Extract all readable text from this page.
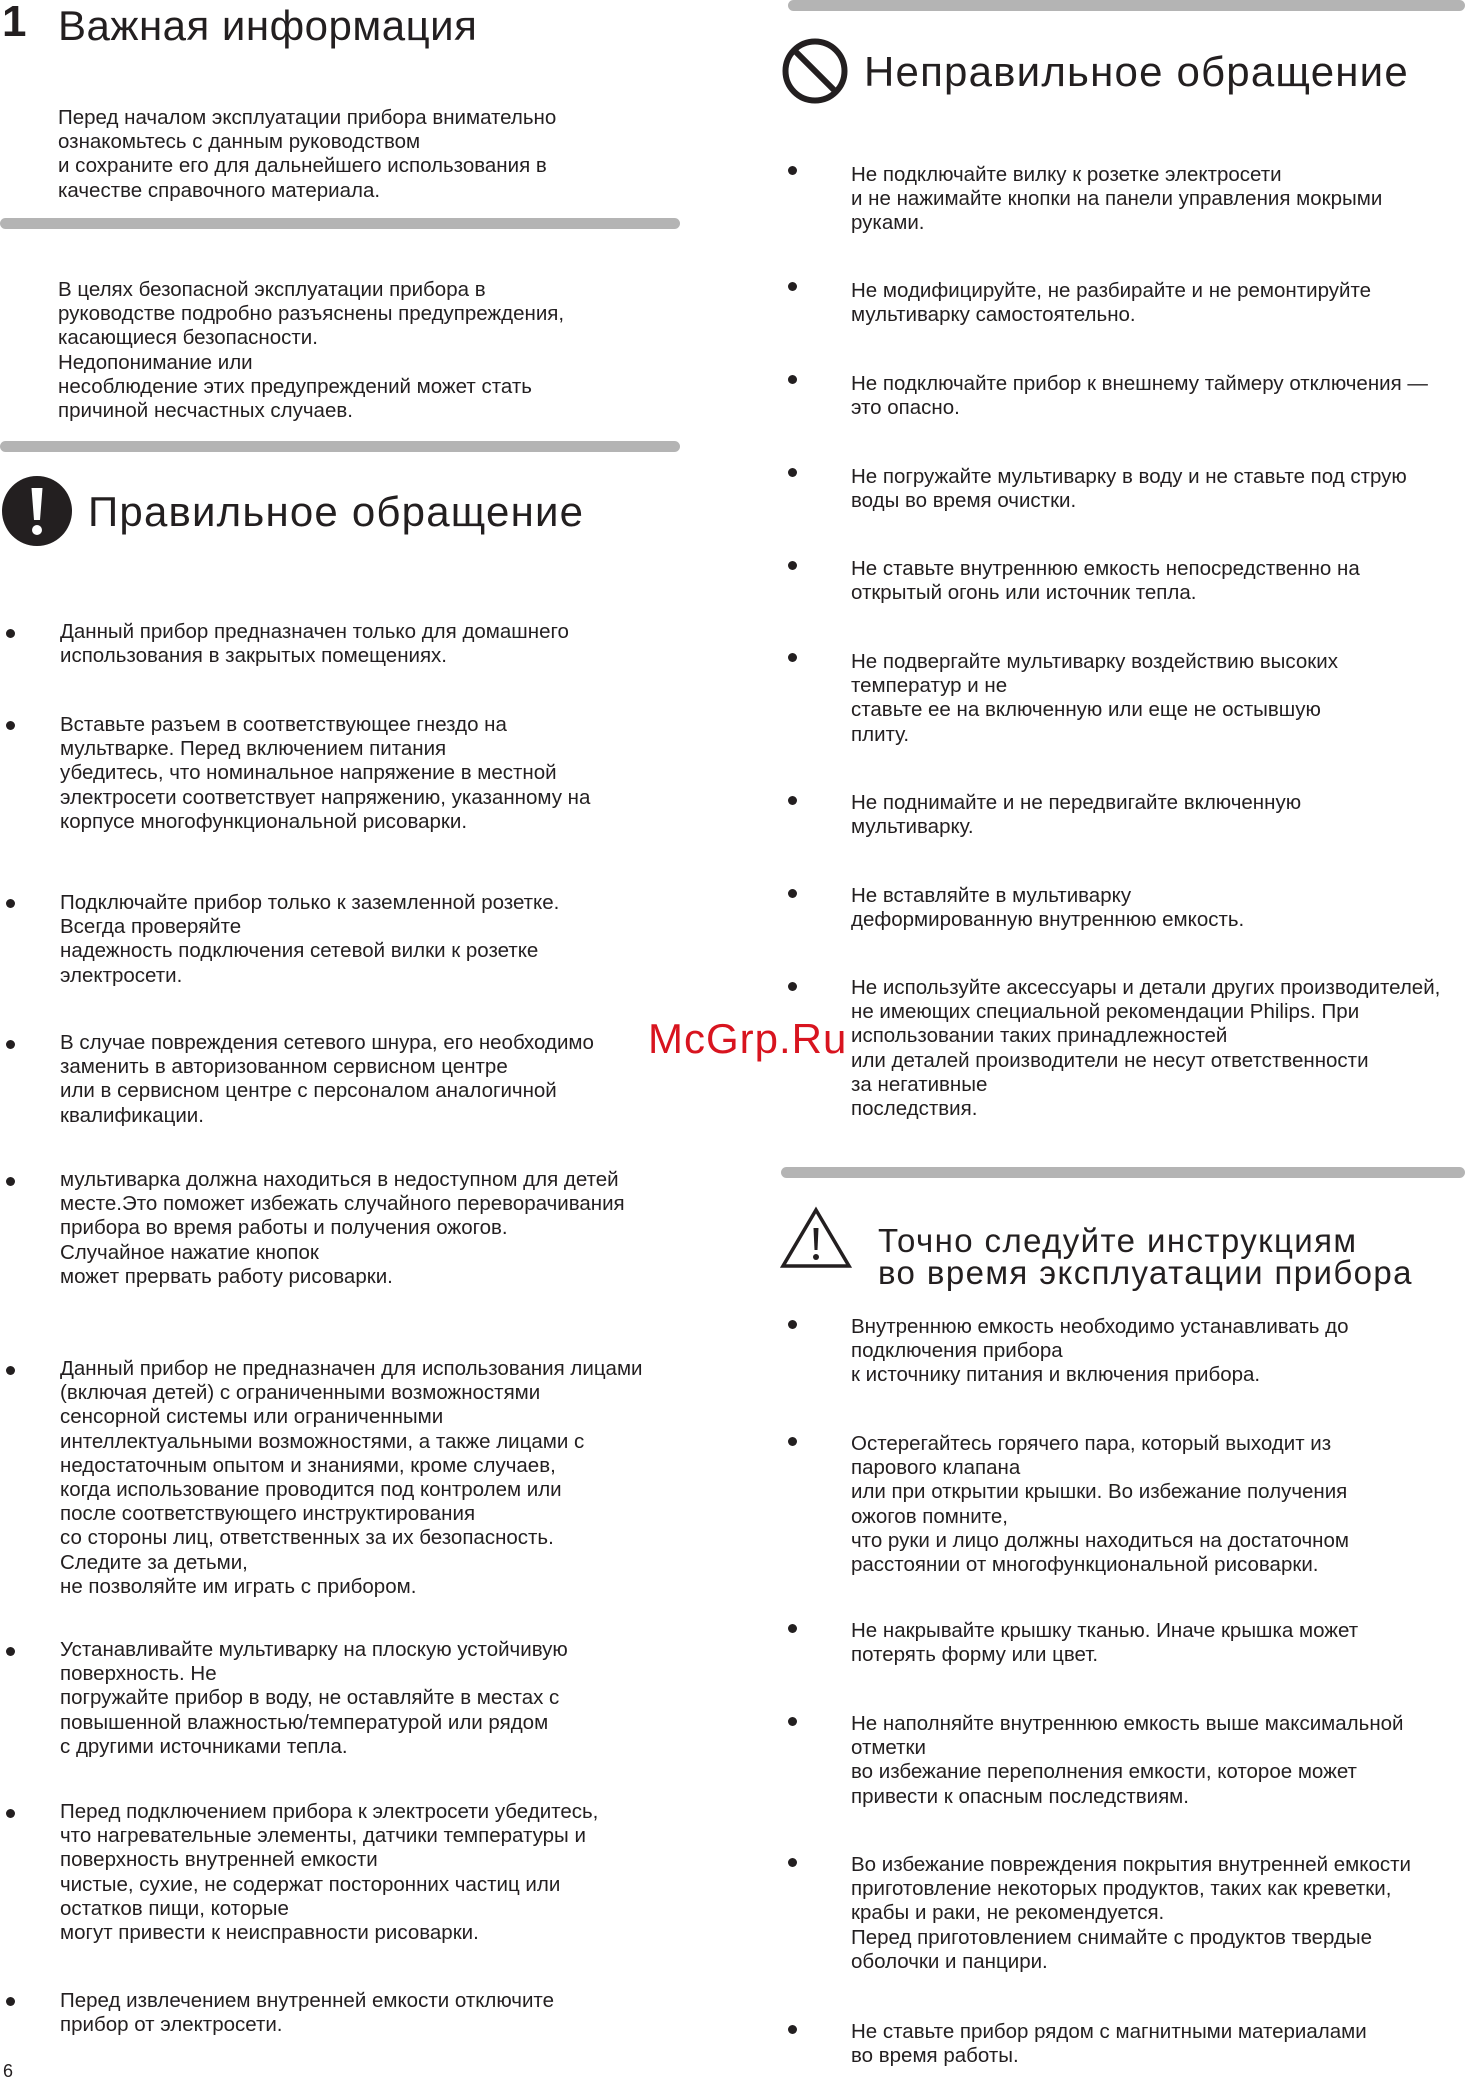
1 Важная информация
Перед началом эксплуатации прибора внимательно
ознакомьтесь с данным руководством
и сохраните его для дальнейшего использования в
качестве справочного материала.
В целях безопасной эксплуатации прибора в
руководстве подробно разъяснены предупреждения,
касающиеся безопасности.
Недопонимание или
несоблюдение этих предупреждений может стать
причиной несчастных случаев.
Правильное обращение
Данный прибор предназначен только для домашнего
использования в закрытых помещениях.
Вставьте разъем в соответствующее гнездо на
мультварке. Перед включением питания
убедитесь, что номинальное напряжение в местной
электросети соответствует напряжению, указанному на
корпусе многофункциональной рисоварки.
Подключайте прибор только к заземленной розетке.
Всегда проверяйте
надежность подключения сетевой вилки к розетке
электросети.
В случае повреждения сетевого шнура, его необходимо
заменить в авторизованном сервисном центре
или в сервисном центре с персоналом аналогичной
квалификации.
мультиварка должна находиться в недоступном для детей
месте.Это поможет избежать случайного переворачивания
прибора во время работы и получения ожогов.
Случайное нажатие кнопок
может прервать работу рисоварки.
Данный прибор не предназначен для использования лицами
(включая детей) с ограниченными возможностями
сенсорной системы или ограниченными
интеллектуальными возможностями, а также лицами с
недостаточным опытом и знаниями, кроме случаев,
когда использование проводится под контролем или
после соответствующего инструктирования
со стороны лиц, ответственных за их безопасность.
Следите за детьми,
не позволяйте им играть с прибором.
Устанавливайте мультиварку на плоскую устойчивую
поверхность. Не
погружайте прибор в воду, не оставляйте в местах с
повышенной влажностью/температурой или рядом
с другими источниками тепла.
Перед подключением прибора к электросети убедитесь,
что нагревательные элементы, датчики температуры и
поверхность внутренней емкости
чистые, сухие, не содержат посторонних частиц или
остатков пищи, которые
могут привести к неисправности рисоварки.
Перед извлечением внутренней емкости отключите
прибор от электросети.
Неправильное обращение
Не подключайте вилку к розетке электросети
и не нажимайте кнопки на панели управления мокрыми
руками.
Не модифицируйте, не разбирайте и не ремонтируйте
мультиварку самостоятельно.
Не подключайте прибор к внешнему таймеру отключения —
это опасно.
Не погружайте мультиварку в воду и не ставьте под струю
воды во время очистки.
Не ставьте внутреннюю емкость непосредственно на
открытый огонь или источник тепла.
Не подвергайте мультиварку воздействию высоких
температур и не
ставьте ее на включенную или еще не остывшую
плиту.
Не поднимайте и не передвигайте включенную
мультиварку.
Не вставляйте в мультиварку
деформированную внутреннюю емкость.
Не используйте аксессуары и детали других производителей,
не имеющих специальной рекомендации Philips. При
использовании таких принадлежностей
или деталей производители не несут ответственности
за негативные
последствия.
Точно следуйте инструкциям
во время эксплуатации прибора
Внутреннюю емкость необходимо устанавливать до
подключения прибора
к источнику питания и включения прибора.
Остерегайтесь горячего пара, который выходит из
парового клапана
или при открытии крышки. Во избежание получения
ожогов помните,
что руки и лицо должны находиться на достаточном
расстоянии от многофункциональной рисоварки.
Не накрывайте крышку тканью. Иначе крышка может
потерять форму или цвет.
Не наполняйте внутреннюю емкость выше максимальной
отметки
во избежание переполнения емкости, которое может
привести к опасным последствиям.
Во избежание повреждения покрытия внутренней емкости
приготовление некоторых продуктов, таких как креветки,
крабы и раки, не рекомендуется.
Перед приготовлением снимайте с продуктов твердые
оболочки и панцири.
Не ставьте прибор рядом с магнитными материалами
во время работы.
McGrp.Ru
6
